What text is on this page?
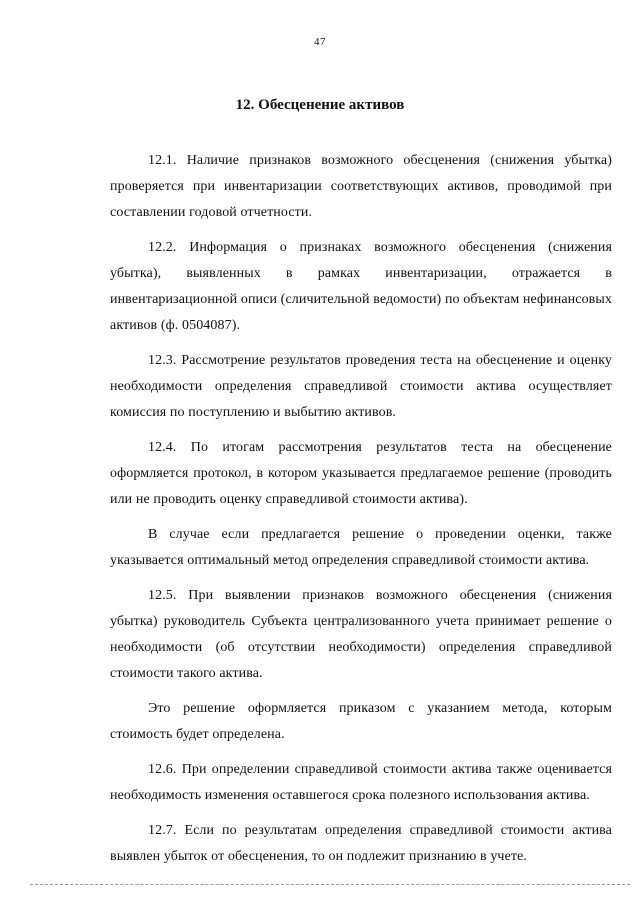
47
12. Обесценение активов

12.1. Наличие признаков возможного обесценения (снижения убытка) проверяется при инвентаризации соответствующих активов, проводимой при составлении годовой отчетности.

12.2. Информация о признаках возможного обесценения (снижения убытка), выявленных в рамках инвентаризации, отражается в инвентаризационной описи (сличительной ведомости) по объектам нефинансовых активов (ф. 0504087).

12.3. Рассмотрение результатов проведения теста на обесценение и оценку необходимости определения справедливой стоимости актива осуществляет комиссия по поступлению и выбытию активов.

12.4. По итогам рассмотрения результатов теста на обесценение оформляется протокол, в котором указывается предлагаемое решение (проводить или не проводить оценку справедливой стоимости актива).

В случае если предлагается решение о проведении оценки, также указывается оптимальный метод определения справедливой стоимости актива.

12.5. При выявлении признаков возможного обесценения (снижения убытка) руководитель Субъекта централизованного учета принимает решение о необходимости (об отсутствии необходимости) определения справедливой стоимости такого актива.

Это решение оформляется приказом с указанием метода, которым стоимость будет определена.

12.6. При определении справедливой стоимости актива также оценивается необходимость изменения оставшегося срока полезного использования актива.

12.7. Если по результатам определения справедливой стоимости актива выявлен убыток от обесценения, то он подлежит признанию в учете.
